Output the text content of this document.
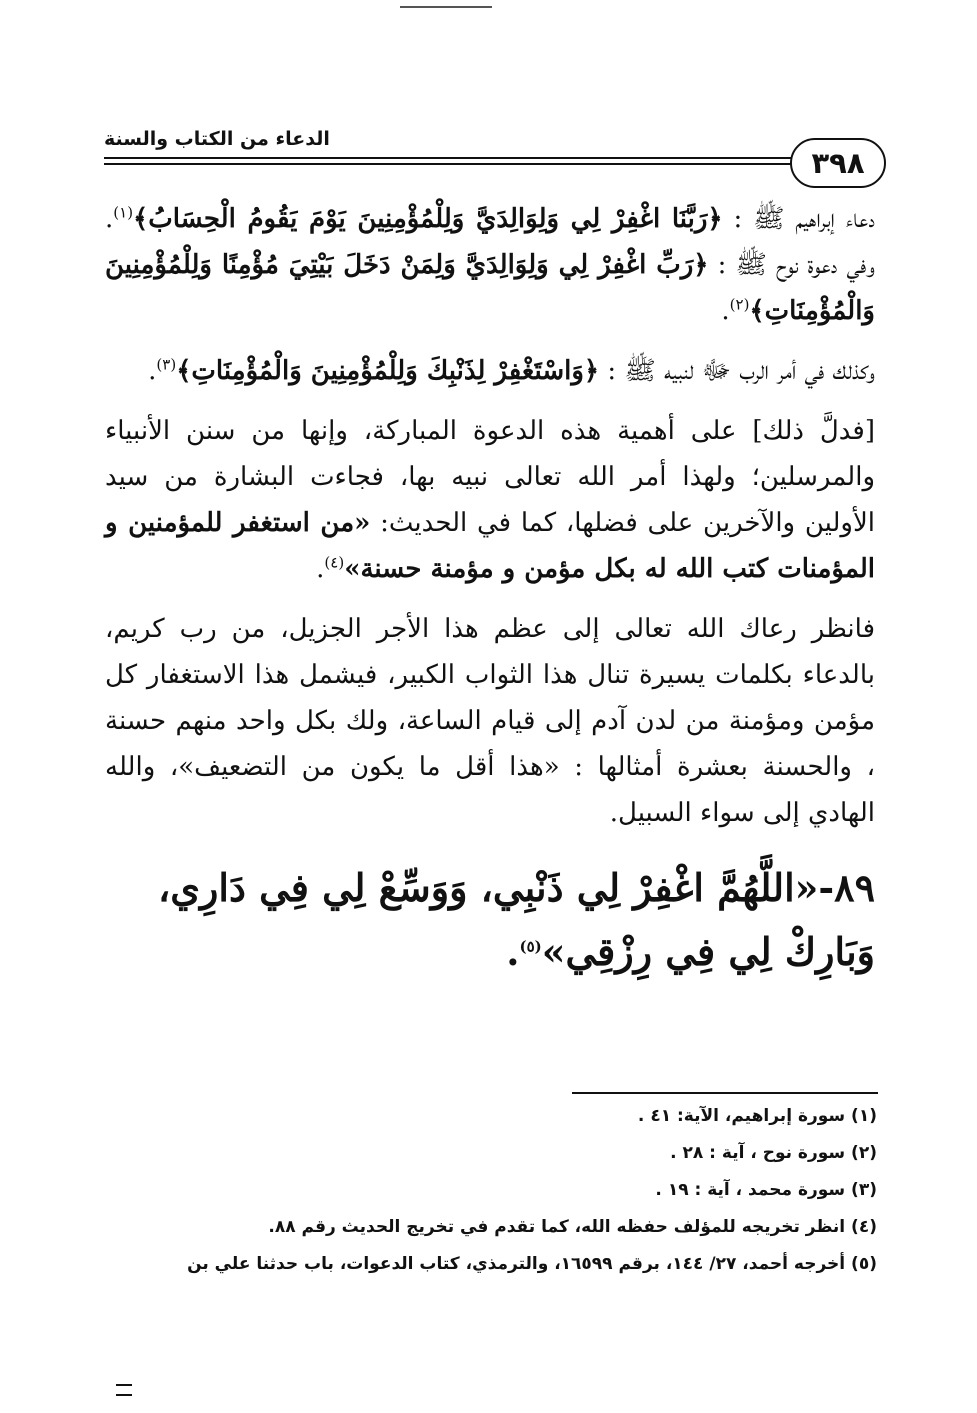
الدعاء من الكتاب والسنة
٣٩٨

دعاء إبراهيم ﷺ : ﴿رَبَّنَا اغْفِرْ لِي وَلِوَالِدَيَّ وَلِلْمُؤْمِنِينَ يَوْمَ يَقُومُ الْحِسَابُ﴾$^{(١)}$. وفي دعوة نوح ﷺ : ﴿رَبِّ اغْفِرْ لِي وَلِوَالِدَيَّ وَلِمَنْ دَخَلَ بَيْتِيَ مُؤْمِنًا وَلِلْمُؤْمِنِينَ وَالْمُؤْمِنَاتِ﴾$^{(٢)}$.

وكذلك في أمر الرب ﷻ لنبيه ﷺ : ﴿وَاسْتَغْفِرْ لِذَنْبِكَ وَلِلْمُؤْمِنِينَ وَالْمُؤْمِنَاتِ﴾$^{(٣)}$.

[فدلَّ ذلك] على أهمية هذه الدعوة المباركة، وإنها من سنن الأنبياء والمرسلين؛ ولهذا أمر الله تعالى نبيه بها، فجاءت البشارة من سيد الأولين والآخرين على فضلها، كما في الحديث: «من استغفر للمؤمنين و المؤمنات كتب الله له بكل مؤمن و مؤمنة حسنة»$^{(٤)}$.

فانظر رعاك الله تعالى إلى عظم هذا الأجر الجزيل، من رب كريم، بالدعاء بكلمات يسيرة تنال هذا الثواب الكبير، فيشمل هذا الاستغفار كل مؤمن ومؤمنة من لدن آدم إلى قيام الساعة، ولك بكل واحد منهم حسنة ، والحسنة بعشرة أمثالها : «هذا أقل ما يكون من التضعيف»، والله الهادي إلى سواء السبيل.

٨٩-«اللَّهُمَّ اغْفِرْ لِي ذَنْبِي، وَوَسِّعْ لِي فِي دَارِي، وَبَارِكْ لِي فِي رِزْقِي»$^{(٥)}$.

(١) سورة إبراهيم، الآية: ٤١ .
(٢) سورة نوح ، آية : ٢٨ .
(٣) سورة محمد ، آية : ١٩ .
(٤) انظر تخريجه للمؤلف حفظه الله، كما تقدم في تخريج الحديث رقم ٨٨.
(٥) أخرجه أحمد، ٢٧/ ١٤٤، برقم ١٦٥٩٩، والترمذي، كتاب الدعوات، باب حدثنا علي بن
